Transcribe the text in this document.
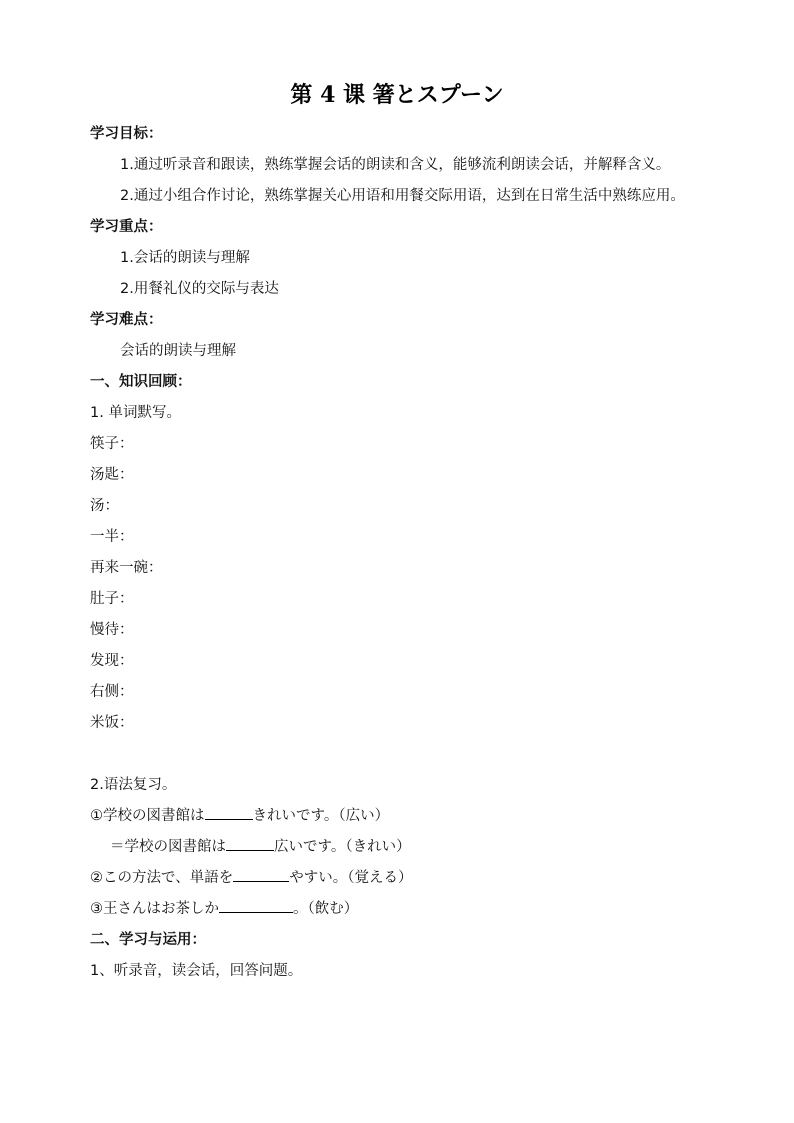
第 4 课 箸とスプーン
学习目标：
1.通过听录音和跟读，熟练掌握会话的朗读和含义，能够流利朗读会话，并解释含义。
2.通过小组合作讨论，熟练掌握关心用语和用餐交际用语，达到在日常生活中熟练应用。
学习重点：
1.会话的朗读与理解
2.用餐礼仪的交际与表达
学习难点：
会话的朗读与理解
一、知识回顾：
1. 单词默写。
筷子：
汤匙：
汤：
一半：
再来一碗：
肚子：
慢待：
发现：
右侧：
米饭：
2.语法复习。
①学校の図書館は	きれいです。（広い）
＝学校の図書館は	広いです。（きれい）
②この方法で、単語を	やすい。（覚える）
③王さんはお茶しか	。（飲む）
二、学习与运用：
1、听录音，读会话，回答问题。
